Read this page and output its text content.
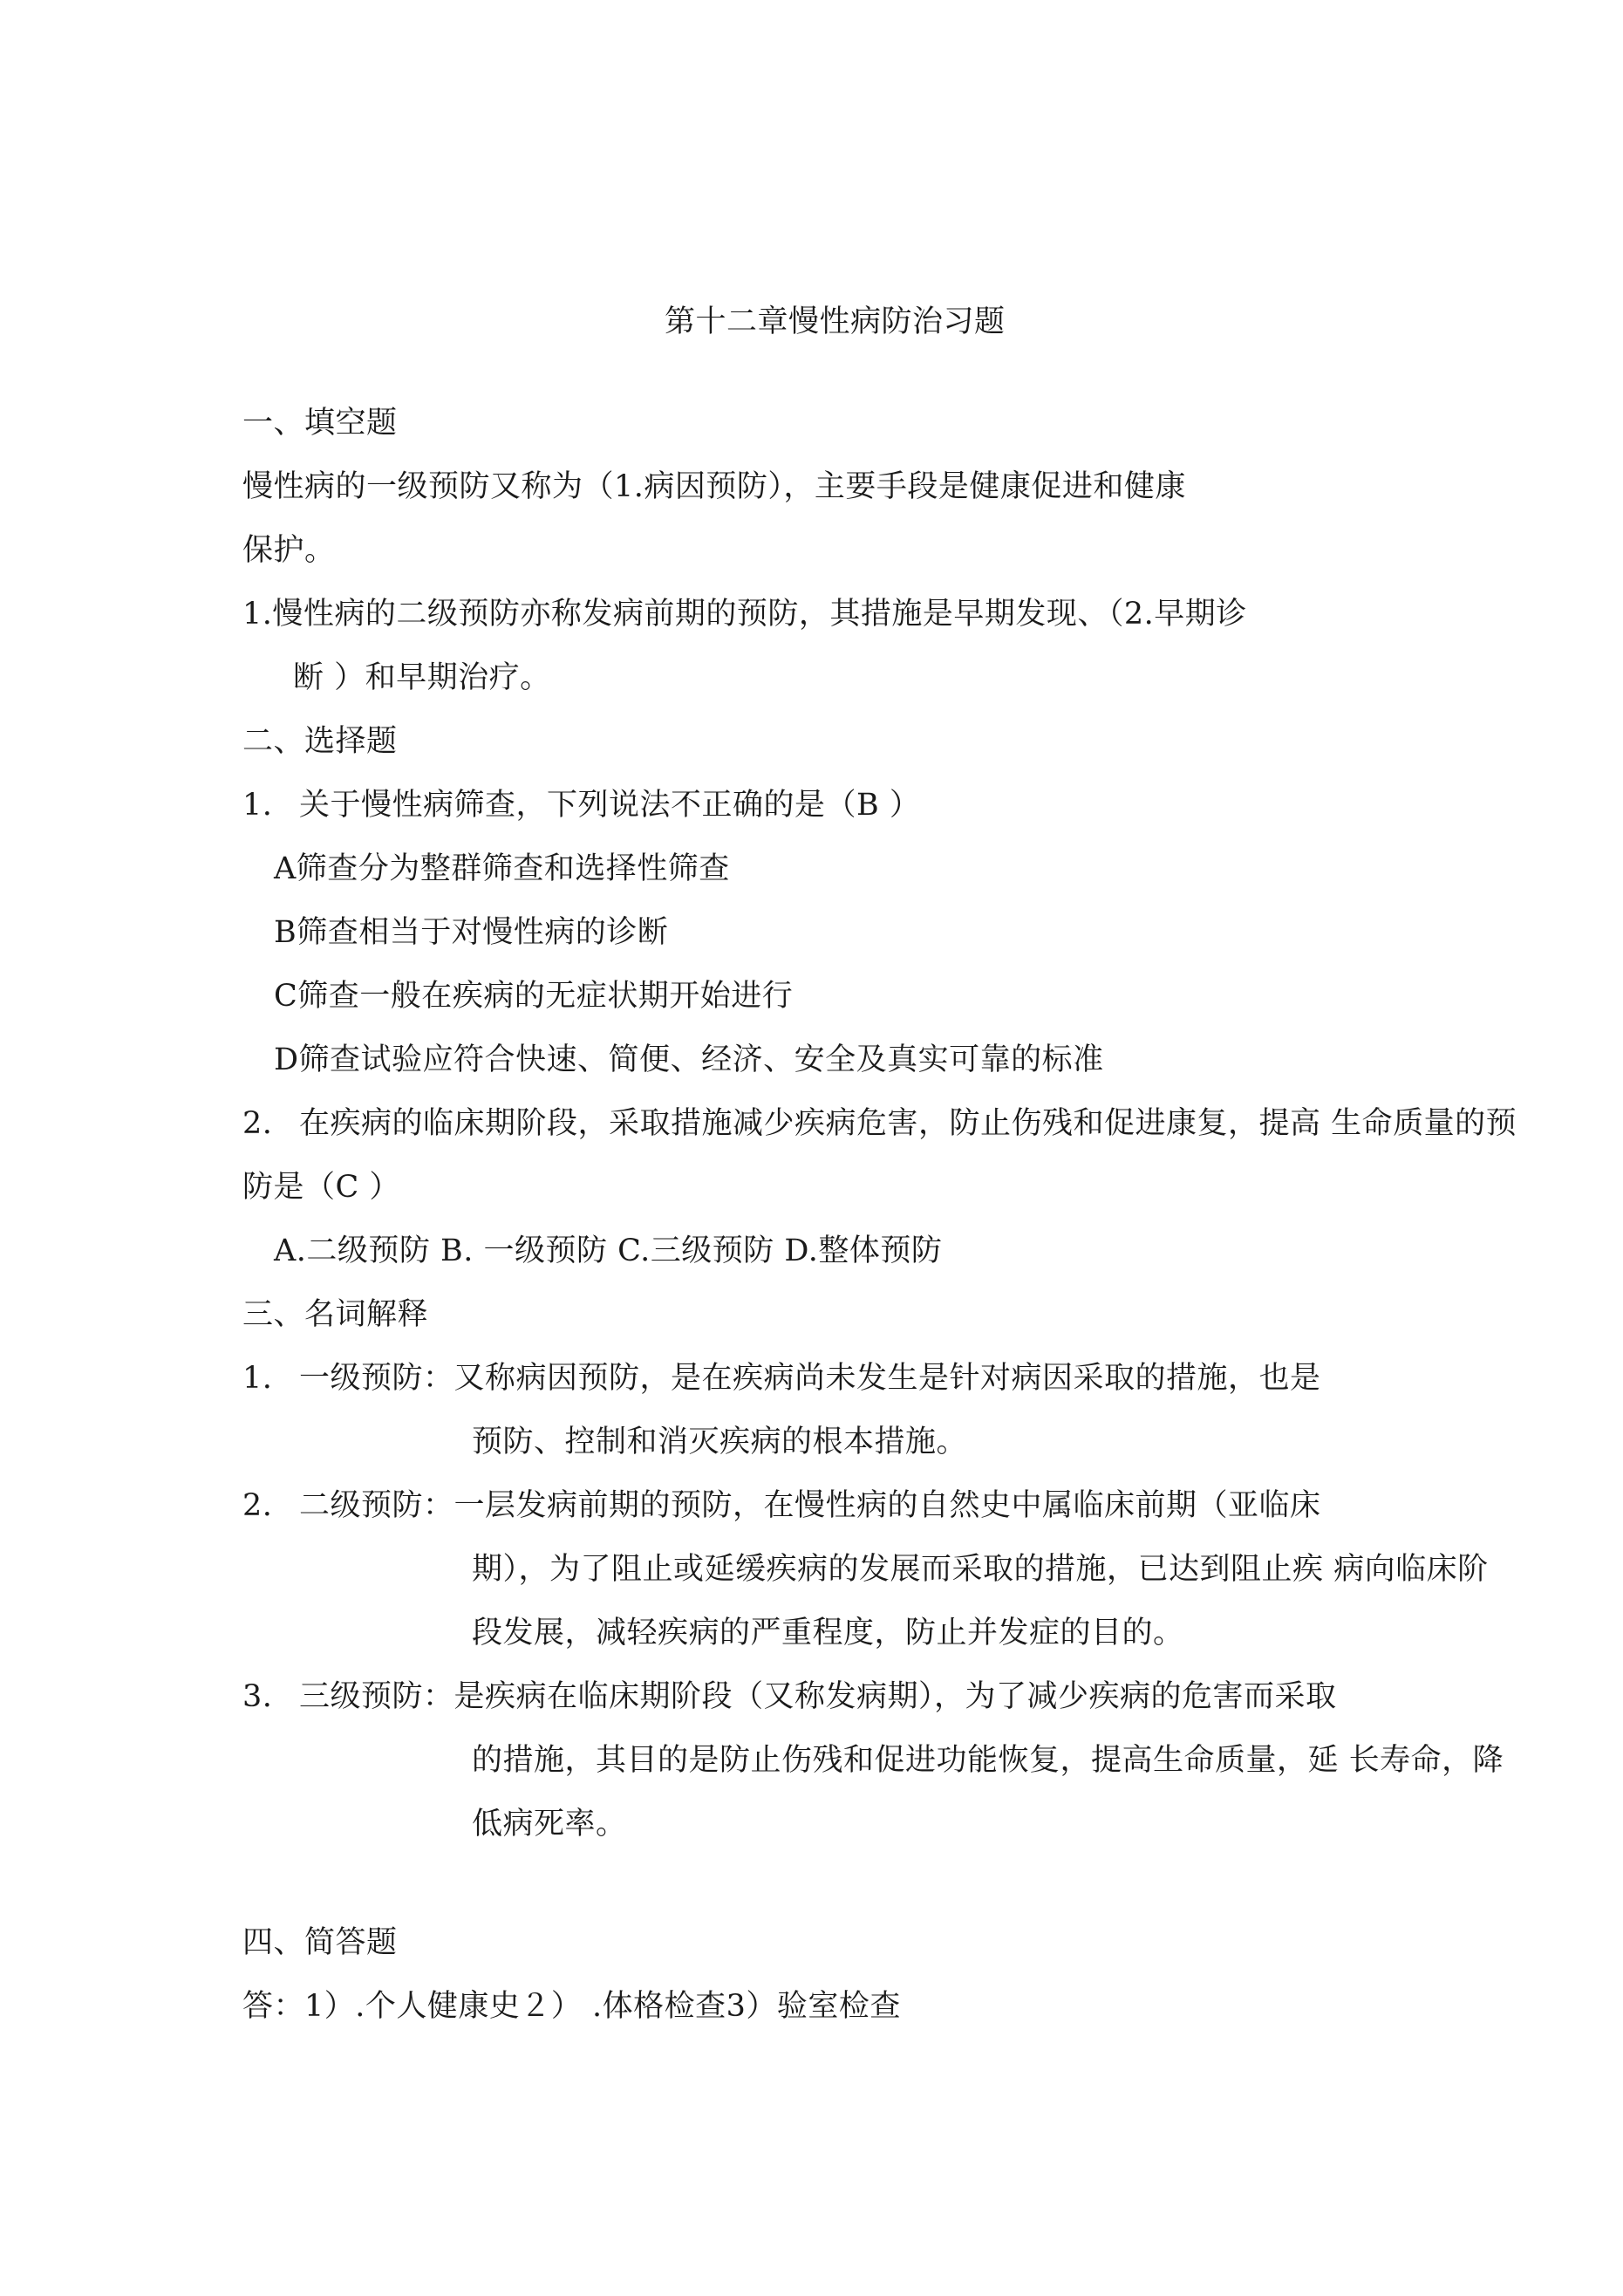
第十二章慢性病防治习题
一、填空题
慢性病的一级预防又称为（1.病因预防），主要手段是健康促进和健康
保护。
1.慢性病的二级预防亦称发病前期的预防，其措施是早期发现、（2.早期诊
断 ）和早期治疗。
二、选择题
1. 关于慢性病筛查，下列说法不正确的是（B ）
A筛查分为整群筛查和选择性筛查
B筛查相当于对慢性病的诊断
C筛查一般在疾病的无症状期开始进行
D筛查试验应符合快速、简便、经济、安全及真实可靠的标准
2. 在疾病的临床期阶段，采取措施减少疾病危害，防止伤残和促进康复，提高 生命质量的预
防是（C ）
A.二级预防 B. 一级预防 C.三级预防 D.整体预防
三、名词解释
1. 一级预防：又称病因预防，是在疾病尚未发生是针对病因采取的措施，也是
预防、控制和消灭疾病的根本措施。
2. 二级预防：一层发病前期的预防，在慢性病的自然史中属临床前期（亚临床
期），为了阻止或延缓疾病的发展而采取的措施，已达到阻止疾 病向临床阶
段发展，减轻疾病的严重程度，防止并发症的目的。
3. 三级预防：是疾病在临床期阶段（又称发病期），为了减少疾病的危害而采取
的措施，其目的是防止伤残和促进功能恢复，提高生命质量，延 长寿命，降
低病死率。
四、简答题
答：1）.个人健康史２） .体格检查3）验室检查
